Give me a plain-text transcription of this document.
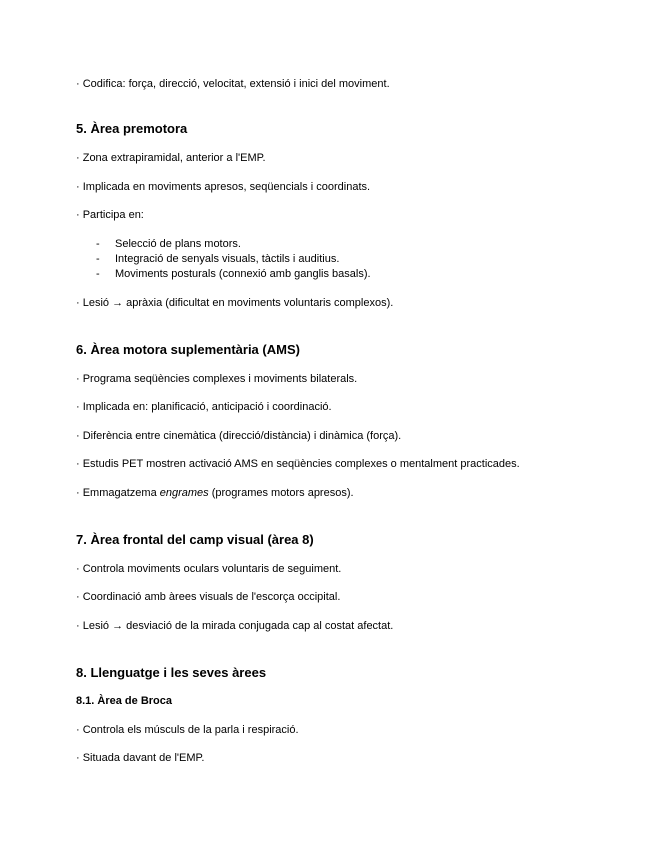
· Codifica: força, direcció, velocitat, extensió i inici del moviment.
5. Àrea premotora
· Zona extrapiramidal, anterior a l'EMP.
· Implicada en moviments apresos, seqüencials i coordinats.
· Participa en:
- Selecció de plans motors.
- Integració de senyals visuals, tàctils i auditius.
- Moviments posturals (connexió amb ganglis basals).
· Lesió → apràxia (dificultat en moviments voluntaris complexos).
6. Àrea motora suplementària (AMS)
· Programa seqüències complexes i moviments bilaterals.
· Implicada en: planificació, anticipació i coordinació.
· Diferència entre cinemàtica (direcció/distància) i dinàmica (força).
· Estudis PET mostren activació AMS en seqüències complexes o mentalment practicades.
· Emmagatzema engrames (programes motors apresos).
7. Àrea frontal del camp visual (àrea 8)
· Controla moviments oculars voluntaris de seguiment.
· Coordinació amb àrees visuals de l'escorça occipital.
· Lesió → desviació de la mirada conjugada cap al costat afectat.
8. Llenguatge i les seves àrees
8.1. Àrea de Broca
· Controla els músculs de la parla i respiració.
· Situada davant de l'EMP.
